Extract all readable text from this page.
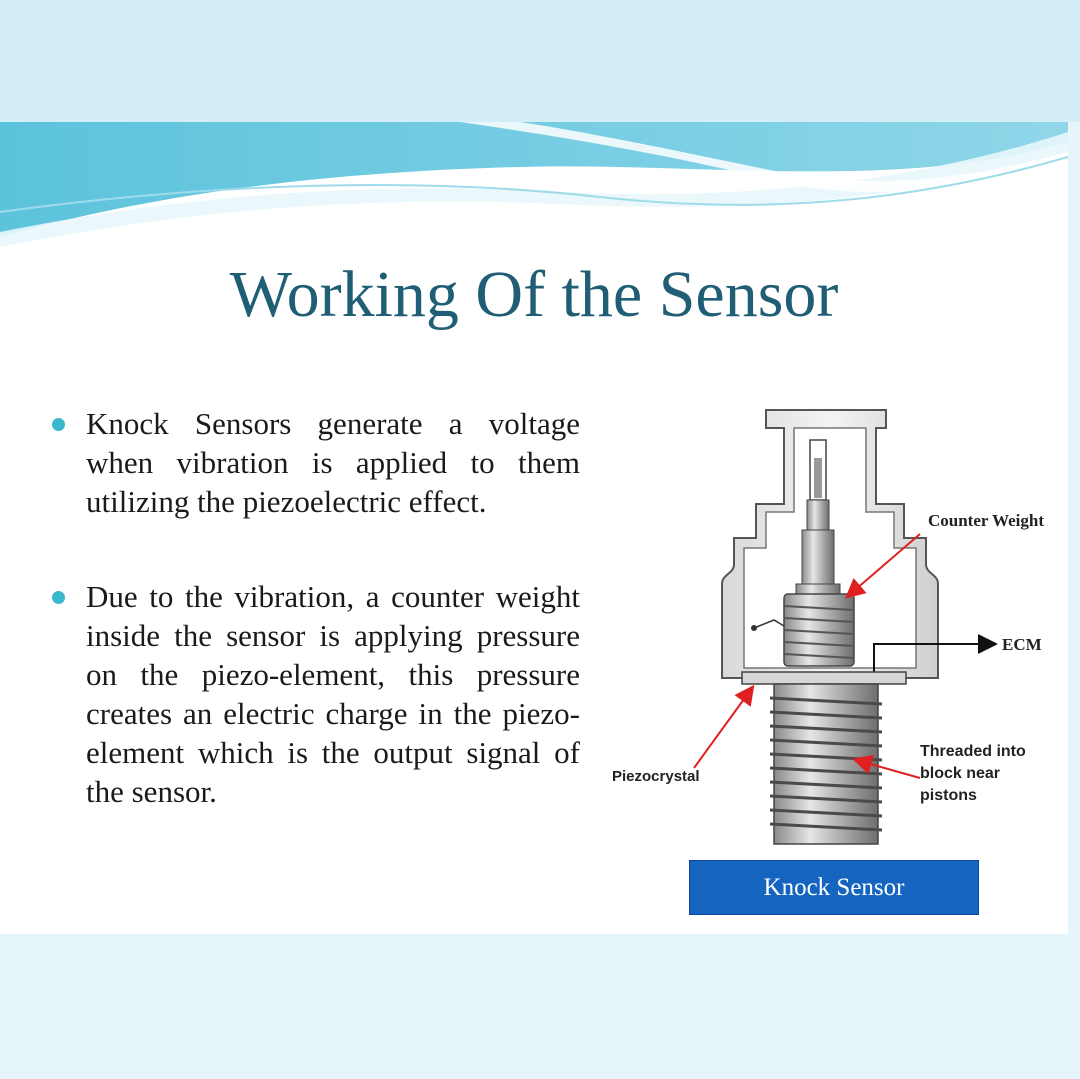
Working Of the Sensor
Knock Sensors generate a voltage when vibration is applied to them utilizing the piezoelectric effect.
Due to the vibration, a counter weight inside the sensor is applying pressure on the piezo-element, this pressure creates an electric charge in the piezo-element which is the output signal of the sensor.
Counter Weight
ECM
Piezocrystal
Threaded into
block near
pistons
Knock Sensor
